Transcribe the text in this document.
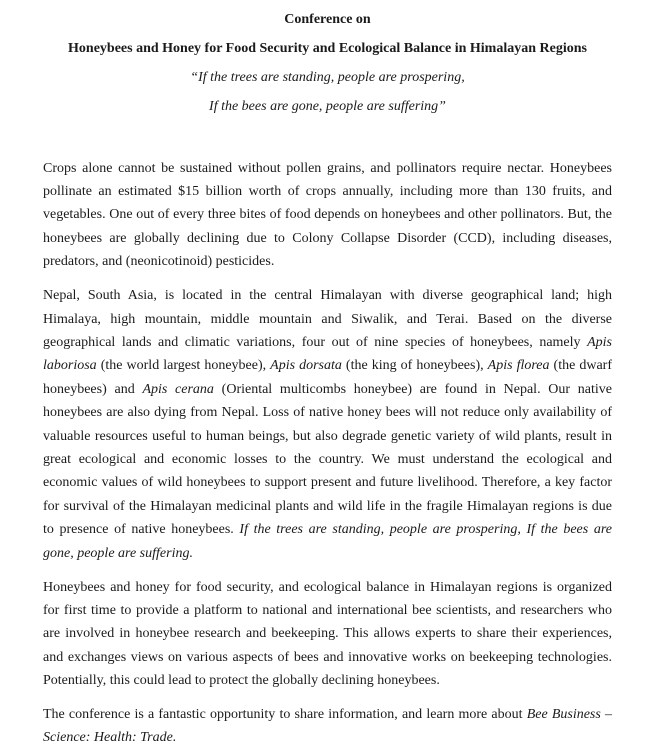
Conference on

Honeybees and Honey for Food Security and Ecological Balance in Himalayan Regions

“If the trees are standing, people are prospering,

If the bees are gone, people are suffering”

Crops alone cannot be sustained without pollen grains, and pollinators require nectar. Honeybees pollinate an estimated $15 billion worth of crops annually, including more than 130 fruits, and vegetables. One out of every three bites of food depends on honeybees and other pollinators. But, the honeybees are globally declining due to Colony Collapse Disorder (CCD), including diseases, predators, and (neonicotinoid) pesticides.

Nepal, South Asia, is located in the central Himalayan with diverse geographical land; high Himalaya, high mountain, middle mountain and Siwalik, and Terai. Based on the diverse geographical lands and climatic variations, four out of nine species of honeybees, namely Apis laboriosa (the world largest honeybee), Apis dorsata (the king of honeybees), Apis florea (the dwarf honeybees) and Apis cerana (Oriental multicombs honeybee) are found in Nepal. Our native honeybees are also dying from Nepal. Loss of native honey bees will not reduce only availability of valuable resources useful to human beings, but also degrade genetic variety of wild plants, result in great ecological and economic losses to the country. We must understand the ecological and economic values of wild honeybees to support present and future livelihood. Therefore, a key factor for survival of the Himalayan medicinal plants and wild life in the fragile Himalayan regions is due to presence of native honeybees. If the trees are standing, people are prospering, If the bees are gone, people are suffering.

Honeybees and honey for food security, and ecological balance in Himalayan regions is organized for first time to provide a platform to national and international bee scientists, and researchers who are involved in honeybee research and beekeeping. This allows experts to share their experiences, and exchanges views on various aspects of bees and innovative works on beekeeping technologies. Potentially, this could lead to protect the globally declining honeybees.

The conference is a fantastic opportunity to share information, and learn more about Bee Business – Science: Health: Trade.
